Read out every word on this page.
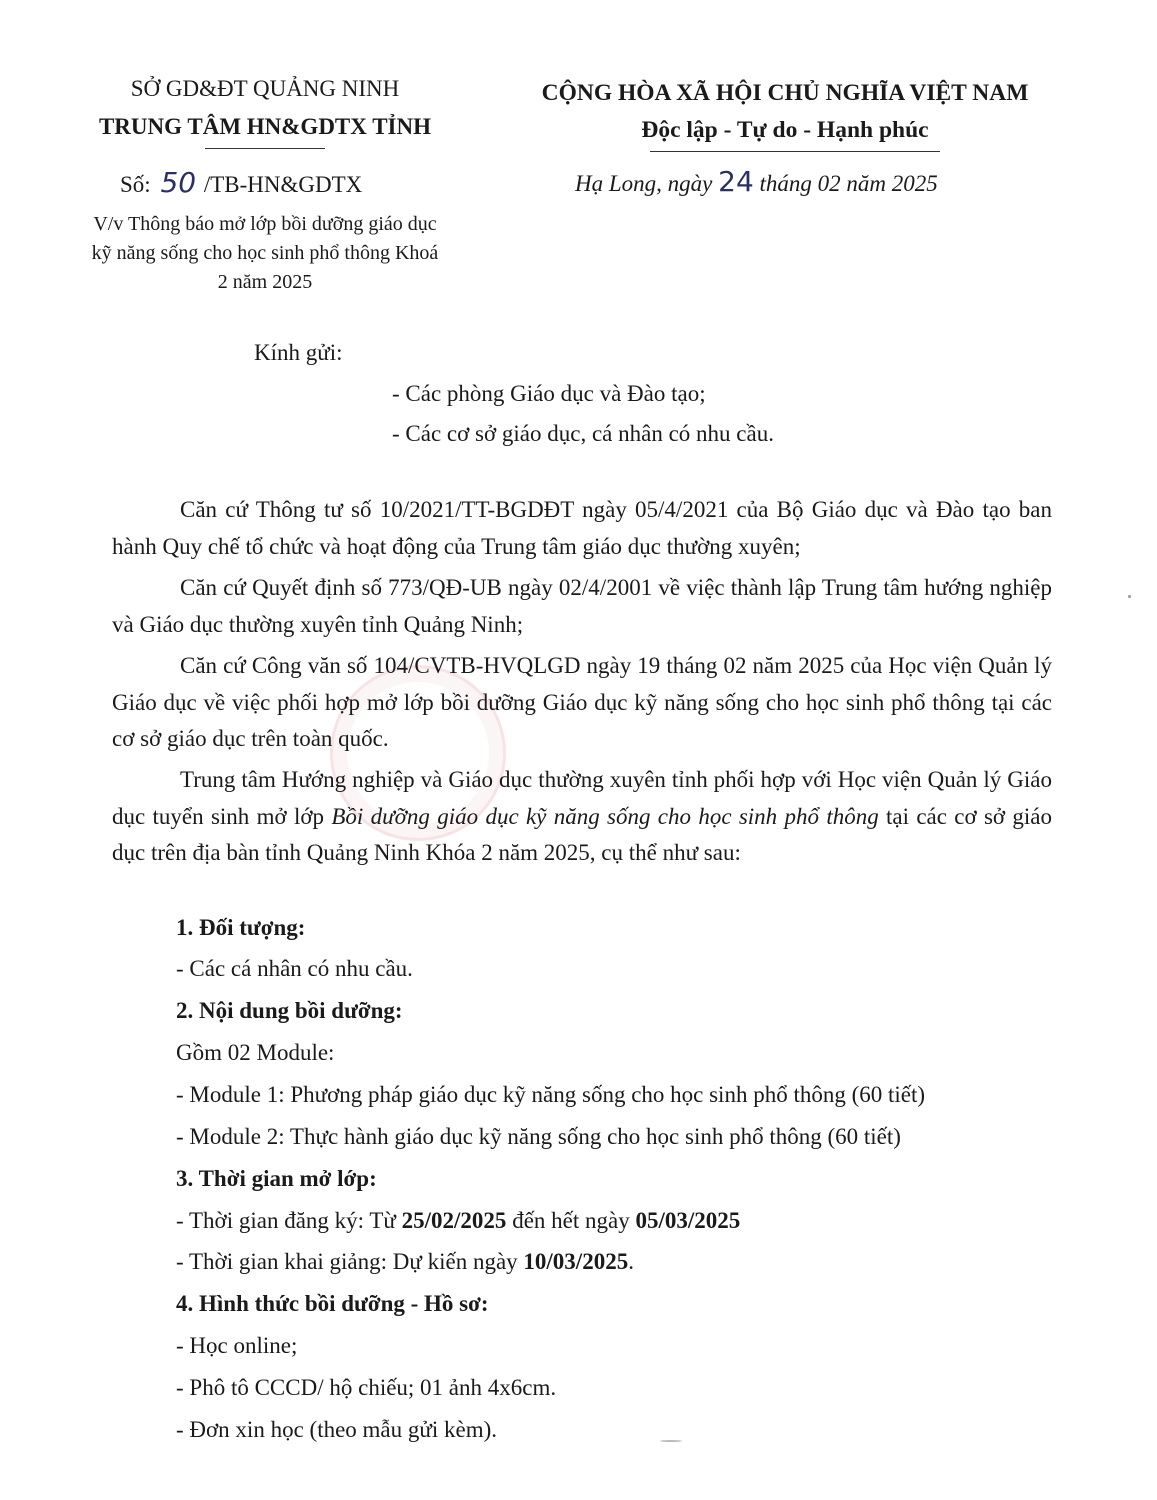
SỞ GD&ĐT QUẢNG NINH
TRUNG TÂM HN&GDTX TỈNH
Số: 50 /TB-HN&GDTX
V/v Thông báo mở lớp bồi dưỡng giáo dục
kỹ năng sống cho học sinh phổ thông Khoá
2 năm 2025
CỘNG HÒA XÃ HỘI CHỦ NGHĨA VIỆT NAM
Độc lập - Tự do - Hạnh phúc
Hạ Long, ngày 24 tháng 02 năm 2025
Kính gửi:
- Các phòng Giáo dục và Đào tạo;
- Các cơ sở giáo dục, cá nhân có nhu cầu.
Căn cứ Thông tư số 10/2021/TT-BGDĐT ngày 05/4/2021 của Bộ Giáo dục và Đào tạo ban hành Quy chế tổ chức và hoạt động của Trung tâm giáo dục thường xuyên;
Căn cứ Quyết định số 773/QĐ-UB ngày 02/4/2001 về việc thành lập Trung tâm hướng nghiệp và Giáo dục thường xuyên tỉnh Quảng Ninh;
Căn cứ Công văn số 104/CVTB-HVQLGD ngày 19 tháng 02 năm 2025 của Học viện Quản lý Giáo dục về việc phối hợp mở lớp bồi dưỡng Giáo dục kỹ năng sống cho học sinh phổ thông tại các cơ sở giáo dục trên toàn quốc.
Trung tâm Hướng nghiệp và Giáo dục thường xuyên tỉnh phối hợp với Học viện Quản lý Giáo dục tuyển sinh mở lớp Bồi dưỡng giáo dục kỹ năng sống cho học sinh phổ thông tại các cơ sở giáo dục trên địa bàn tỉnh Quảng Ninh Khóa 2 năm 2025, cụ thể như sau:
1. Đối tượng:
- Các cá nhân có nhu cầu.
2. Nội dung bồi dưỡng:
Gồm 02 Module:
- Module 1: Phương pháp giáo dục kỹ năng sống cho học sinh phổ thông (60 tiết)
- Module 2: Thực hành giáo dục kỹ năng sống cho học sinh phổ thông (60 tiết)
3. Thời gian mở lớp:
- Thời gian đăng ký: Từ 25/02/2025 đến hết ngày 05/03/2025
- Thời gian khai giảng: Dự kiến ngày 10/03/2025.
4. Hình thức bồi dưỡng - Hồ sơ:
- Học online;
- Phô tô CCCD/ hộ chiếu; 01 ảnh 4x6cm.
- Đơn xin học (theo mẫu gửi kèm).
